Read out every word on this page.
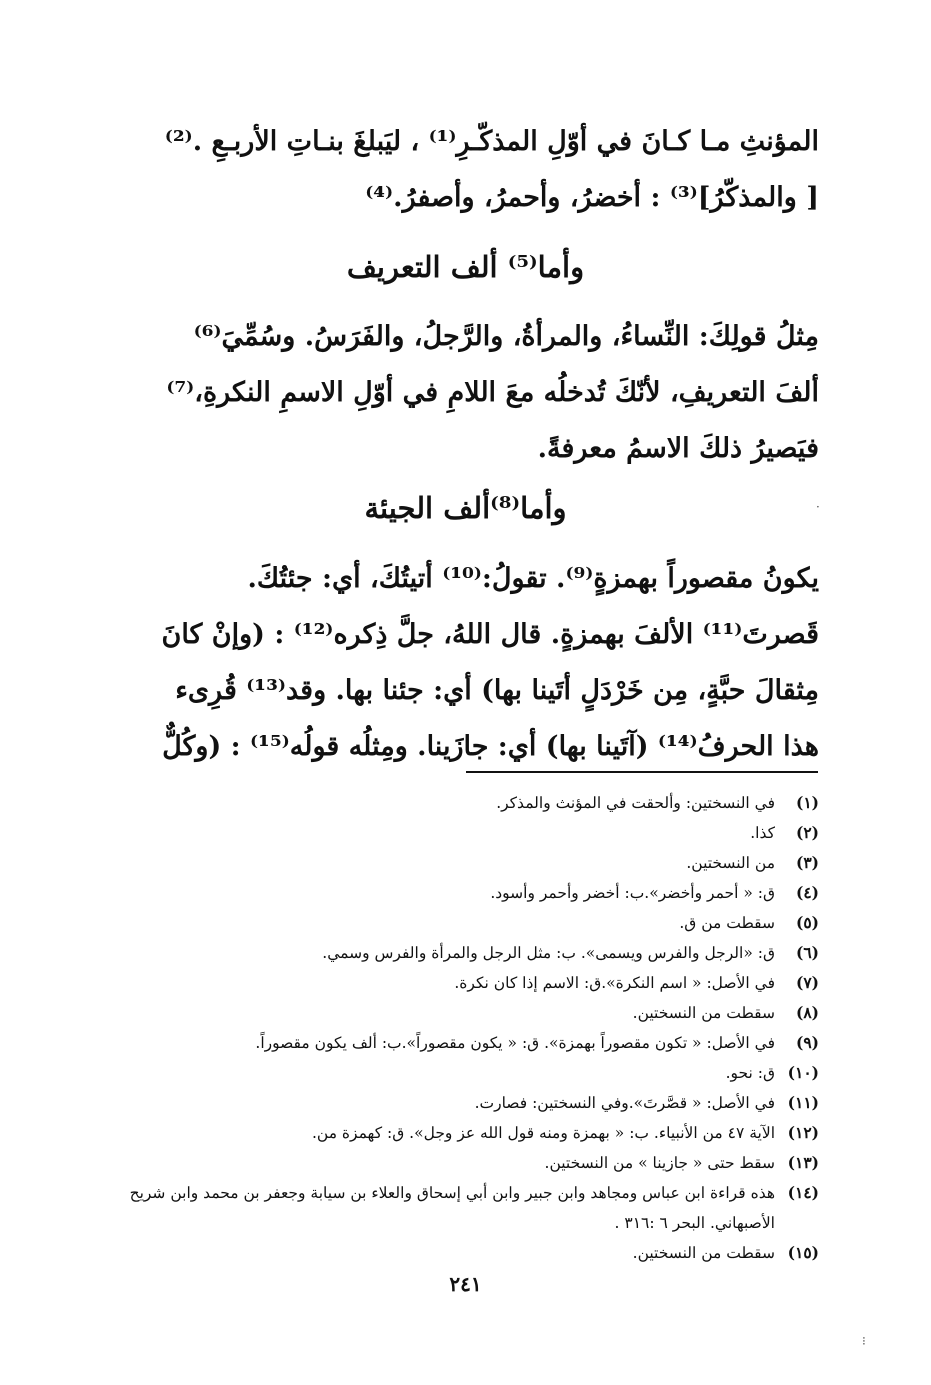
المؤنثِ مـا كـانَ في أوّلِ المذكّـرِ⁽¹⁾ ، ليَبلغَ بنـاتِ الأربـعِ .⁽²⁾
[ والمذكّرُ]⁽³⁾ : أخضرُ، وأحمرُ، وأصفرُ.⁽⁴⁾
وأما⁽⁵⁾ ألف التعريف
مِثلُ قولِكَ: النِّساءُ، والمرأةُ، والرَّجلُ، والفَرَسُ. وسُمِّيَ⁽⁶⁾
ألفَ التعريفِ، لأنّكَ تُدخلُه معَ اللامِ في أوّلِ الاسمِ النكرةِ،⁽⁷⁾
فيَصيرُ ذلكَ الاسمُ معرفةً.
وأما⁽⁸⁾ألف الجيئة
يكونُ مقصوراً بهمزةٍ⁽⁹⁾. تقولُ:⁽¹⁰⁾ أتيتُكَ، أي: جئتُكَ.
قَصرتَ⁽¹¹⁾ الألفَ بهمزةٍ. قال اللهُ، جلَّ ذِكره⁽¹²⁾ : (وإنْ كانَ
مِثقالَ حبَّةٍ، مِن خَرْدَلٍ أتَينا بها) أي: جئنا بها. وقد⁽¹³⁾ قُرِىء
هذا الحرفُ⁽¹⁴⁾ (آتَينا بها) أي: جازَينا. ومِثلُه قولُه⁽¹⁵⁾ : (وكُلٌّ
(١)
في النسختين: وألحقت في المؤنث والمذكر.
(٢)
كذا.
(٣)
من النسختين.
(٤)
ق: « أحمر وأخضر».ب: أخضر وأحمر وأسود.
(٥)
سقطت من ق.
(٦)
ق: «الرجل والفرس ويسمى». ب: مثل الرجل والمرأة والفرس وسمي.
(٧)
في الأصل: « اسم النكرة».ق: الاسم إذا كان نكرة.
(٨)
سقطت من النسختين.
(٩)
في الأصل: « تكون مقصوراً بهمزة». ق: « يكون مقصوراً».ب: ألف يكون مقصوراً.
(١٠)
ق: نحو.
(١١)
في الأصل: « قصَّرتَ».وفي النسختين: فصارت.
(١٢)
الآية ٤٧ من الأنبياء. ب: « بهمزة ومنه قول الله عز وجل». ق: كهمزة من.
(١٣)
سقط حتى « جازينا » من النسختين.
(١٤)
هذه قراءة ابن عباس ومجاهد وابن جبير وابن أبي إسحاق والعلاء بن سيابة وجعفر بن محمد وابن شريح الأصبهاني. البحر ٦ :٣١٦ .
(١٥)
سقطت من النسختين.
٢٤١
·
⁝
